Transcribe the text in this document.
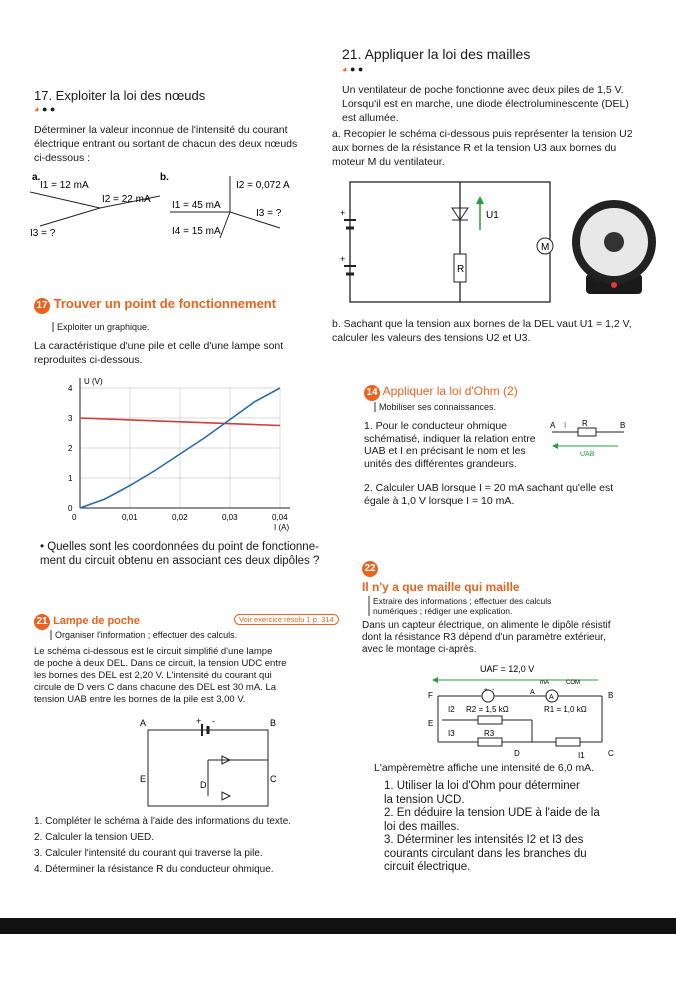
21. Appliquer la loi des mailles
◕ ● ●
Un ventilateur de poche fonctionne avec deux piles de 1,5 V.
Lorsqu'il est en marche, une diode électroluminescente (DEL)
est allumée.
a. Recopier le schéma ci-dessous puis représenter la tension U2
aux bornes de la résistance R et la tension U3 aux bornes du
moteur M du ventilateur.
+
+
U1
M
R
b. Sachant que la tension aux bornes de la DEL vaut U1 = 1,2 V,
calculer les valeurs des tensions U2 et U3.
17. Exploiter la loi des nœuds
◕ ● ●
Déterminer la valeur inconnue de l'intensité du courant
électrique entrant ou sortant de chacun des deux nœuds
ci-dessous :
a.
I1 = 12 mA
I2 = 22 mA
I3 = ?
b.
I2 = 0,072 A
I1 = 45 mA
I3 = ?
I4 = 15 mA
17 Trouver un point de fonctionnement
Exploiter un graphique.
La caractéristique d'une pile et celle d'une lampe sont
reproduites ci-dessous.
0
1
2
3
4
0	0,01	0,02	0,03	0,04
U (V)
I (A)
• Quelles sont les coordonnées du point de fonctionne-
ment du circuit obtenu en associant ces deux dipôles ?
21 Lampe de poche	Voir exercice résolu 1 p. 314
Organiser l'information ; effectuer des calculs.
Le schéma ci-dessous est le circuit simplifié d'une lampe
de poche à deux DEL. Dans ce circuit, la tension UDC entre
les bornes des DEL est 2,20 V. L'intensité du courant qui
circule de D vers C dans chacune des DEL est 30 mA. La
tension UAB entre les bornes de la pile est 3,00 V.
A	B
+ -
E
D
C
1. Compléter le schéma à l'aide des informations du texte.
2. Calculer la tension UED.
3. Calculer l'intensité du courant qui traverse la pile.
4. Déterminer la résistance R du conducteur ohmique.
14 Appliquer la loi d'Ohm (2)
Mobiliser ses connaissances.
1. Pour le conducteur ohmique
schématisé, indiquer la relation entre
UAB et I en précisant le nom et les
unités des différentes grandeurs.
A	B
R
I
UAB
2. Calculer UAB lorsque I = 20 mA sachant qu'elle est
égale à 1,0 V lorsque I = 10 mA.
22
Il n'y a que maille qui maille
Extraire des informations ; effectuer des calculs
numériques ; rédiger une explication.
Dans un capteur électrique, on alimente le dipôle résistif
dont la résistance R3 dépend d'un paramètre extérieur,
avec le montage ci-après.
UAF = 12,0 V
A
F	A
mA	COM
B
+ -
E
D	C
I2 R2 = 1,5 kΩ	R1 = 1,0 kΩ
I3	R3
I1
L'ampèremètre affiche une intensité de 6,0 mA.
1. Utiliser la loi d'Ohm pour déterminer
la tension UCD.
2. En déduire la tension UDE à l'aide de la
loi des mailles.
3. Déterminer les intensités I2 et I3 des
courants circulant dans les branches du
circuit électrique.
